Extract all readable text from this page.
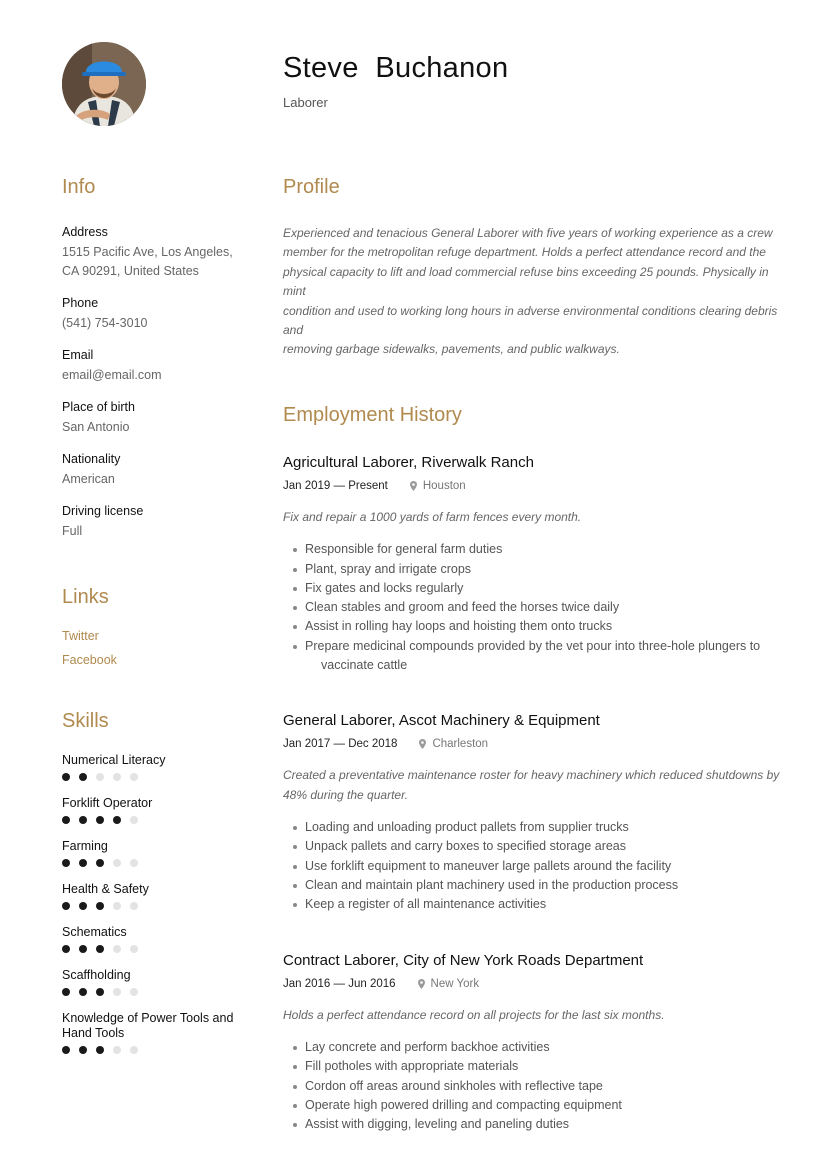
Steve  Buchanon
Laborer
Info
Address
1515 Pacific Ave, Los Angeles,
CA 90291, United States
Phone
(541) 754-3010
Email
email@email.com
Place of birth
San Antonio
Nationality
American
Driving license
Full
Links
Twitter
Facebook
Skills
Numerical Literacy
Forklift Operator
Farming
Health & Safety
Schematics
Scaffholding
Knowledge of Power Tools and
Hand Tools
Profile
Experienced and tenacious General Laborer with five years of working experience as a crew
member for the metropolitan refuge department. Holds a perfect attendance record and the
physical capacity to lift and load commercial refuse bins exceeding 25 pounds. Physically in mint
condition and used to working long hours in adverse environmental conditions clearing debris and
removing garbage sidewalks, pavements, and public walkways.
Employment History
Agricultural Laborer, Riverwalk Ranch
Jan 2019 — Present	Houston
Fix and repair a 1000 yards of farm fences every month.
Responsible for general farm duties
Plant, spray and irrigate crops
Fix gates and locks regularly
Clean stables and groom and feed the horses twice daily
Assist in rolling hay loops and hoisting them onto trucks
Prepare medicinal compounds provided by the vet pour into three-hole plungers to
vaccinate cattle
General Laborer, Ascot Machinery & Equipment
Jan 2017 — Dec 2018	Charleston
Created a preventative maintenance roster for heavy machinery which reduced shutdowns by
48% during the quarter.
Loading and unloading product pallets from supplier trucks
Unpack pallets and carry boxes to specified storage areas
Use forklift equipment to maneuver large pallets around the facility
Clean and maintain plant machinery used in the production process
Keep a register of all maintenance activities
Contract Laborer, City of New York Roads Department
Jan 2016 — Jun 2016	New York
Holds a perfect attendance record on all projects for the last six months.
Lay concrete and perform backhoe activities
Fill potholes with appropriate materials
Cordon off areas around sinkholes with reflective tape
Operate high powered drilling and compacting equipment
Assist with digging, leveling and paneling duties
